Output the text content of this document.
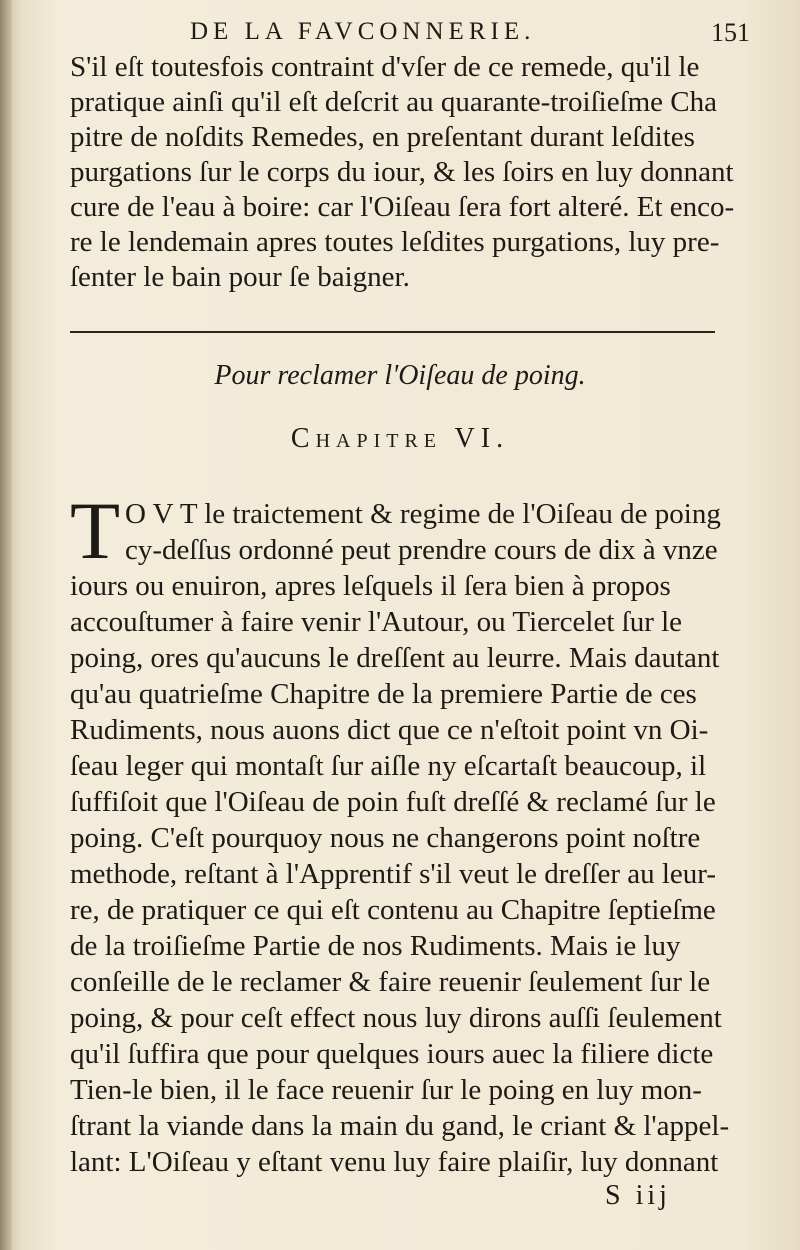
DE LA FAVCONNERIE.	151
S'il eſt toutesfois contraint d'vſer de ce remede, qu'il le
pratique ainſi qu'il eſt deſcrit au quarante-troiſieſme Cha
pitre de noſdits Remedes, en preſentant durant leſdites
purgations ſur le corps du iour, & les ſoirs en luy donnant
cure de l'eau à boire: car l'Oiſeau ſera fort alteré. Et enco-
re le lendemain apres toutes leſdites purgations, luy pre-
ſenter le bain pour ſe baigner.
Pour reclamer l'Oiſeau de poing.
Chapitre VI.
T O V T le traictement & regime de l'Oiſeau de poing
cy-deſſus ordonné peut prendre cours de dix à vnze
iours ou enuiron, apres leſquels il ſera bien à propos
accouſtumer à faire venir l'Autour, ou Tiercelet ſur le
poing, ores qu'aucuns le dreſſent au leurre. Mais dautant
qu'au quatrieſme Chapitre de la premiere Partie de ces
Rudiments, nous auons dict que ce n'eſtoit point vn Oi-
ſeau leger qui montaſt ſur aiſle ny eſcartaſt beaucoup, il
ſuffiſoit que l'Oiſeau de poin fuſt dreſſé & reclamé ſur le
poing. C'eſt pourquoy nous ne changerons point noſtre
methode, reſtant à l'Apprentif s'il veut le dreſſer au leur-
re, de pratiquer ce qui eſt contenu au Chapitre ſeptieſme
de la troiſieſme Partie de nos Rudiments. Mais ie luy
conſeille de le reclamer & faire reuenir ſeulement ſur le
poing, & pour ceſt effect nous luy dirons auſſi ſeulement
qu'il ſuffira que pour quelques iours auec la filiere dicte
Tien-le bien, il le face reuenir ſur le poing en luy mon-
ſtrant la viande dans la main du gand, le criant & l'appel-
lant: L'Oiſeau y eſtant venu luy faire plaiſir, luy donnant
S iij
